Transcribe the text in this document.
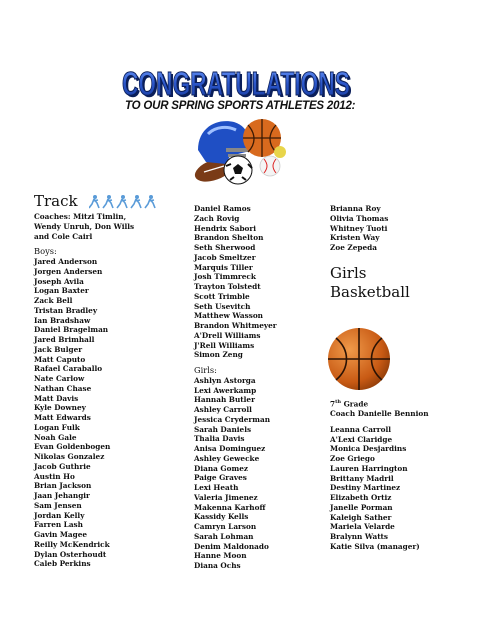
CONGRATULATIONS
CONGRATULATIONS
TO OUR SPRING SPORTS ATHLETES 2012:
Track
Coaches: Mitzi Timlin,
Wendy Unruh, Don Wills
and Cole Cairl
Boys:
Jared Anderson
Jorgen Andersen
Joseph Avila
Logan Baxter
Zack Bell
Tristan Bradley
Ian Bradshaw
Daniel Bragelman
Jared Brimhall
Jack Bulger
Matt Caputo
Rafael Caraballo
Nate Carlow
Nathan Chase
Matt Davis
Kyle Downey
Matt Edwards
Logan Fulk
Noah Gale
Evan Goldenbogen
Nikolas Gonzalez
Jacob Guthrie
Austin Ho
Brian Jackson
Jaan Jehangir
Sam Jensen
Jordan Kelly
Farren Lash
Gavin Magee
Reilly McKendrick
Dylan Osterhoudt
Caleb Perkins
Daniel Ramos
Zach Rovig
Hendrix Sabori
Brandon Shelton
Seth Sherwood
Jacob Smeltzer
Marquis Tiller
Josh Timmreck
Trayton Tolstedt
Scott Trimble
Seth Usevitch
Matthew Wasson
Brandon Whitmeyer
A'Drell Williams
J'Rell Williams
Simon Zeng
Girls:
Ashlyn Astorga
Lexi Awerkamp
Hannah Butler
Ashley Carroll
Jessica Cryderman
Sarah Daniels
Thalia Davis
Anisa Dominguez
Ashley Gewecke
Diana Gomez
Paige Graves
Lexi Heath
Valeria Jimenez
Makenna Karhoff
Kassidy Kells
Camryn Larson
Sarah Lohman
Denim Maldonado
Hanne Moon
Diana Ochs
Brianna Roy
Olivia Thomas
Whitney Tuoti
Kristen Way
Zoe Zepeda
Girls
Basketball
7th Grade
Coach Danielle Bennion
Leanna Carroll
A'Lexi Claridge
Monica Desjardins
Zoe Griego
Lauren Harrington
Brittany Madril
Destiny Martinez
Elizabeth Ortiz
Janelle Porman
Kaleigh Sather
Mariela Velarde
Bralynn Watts
Katie Silva (manager)
